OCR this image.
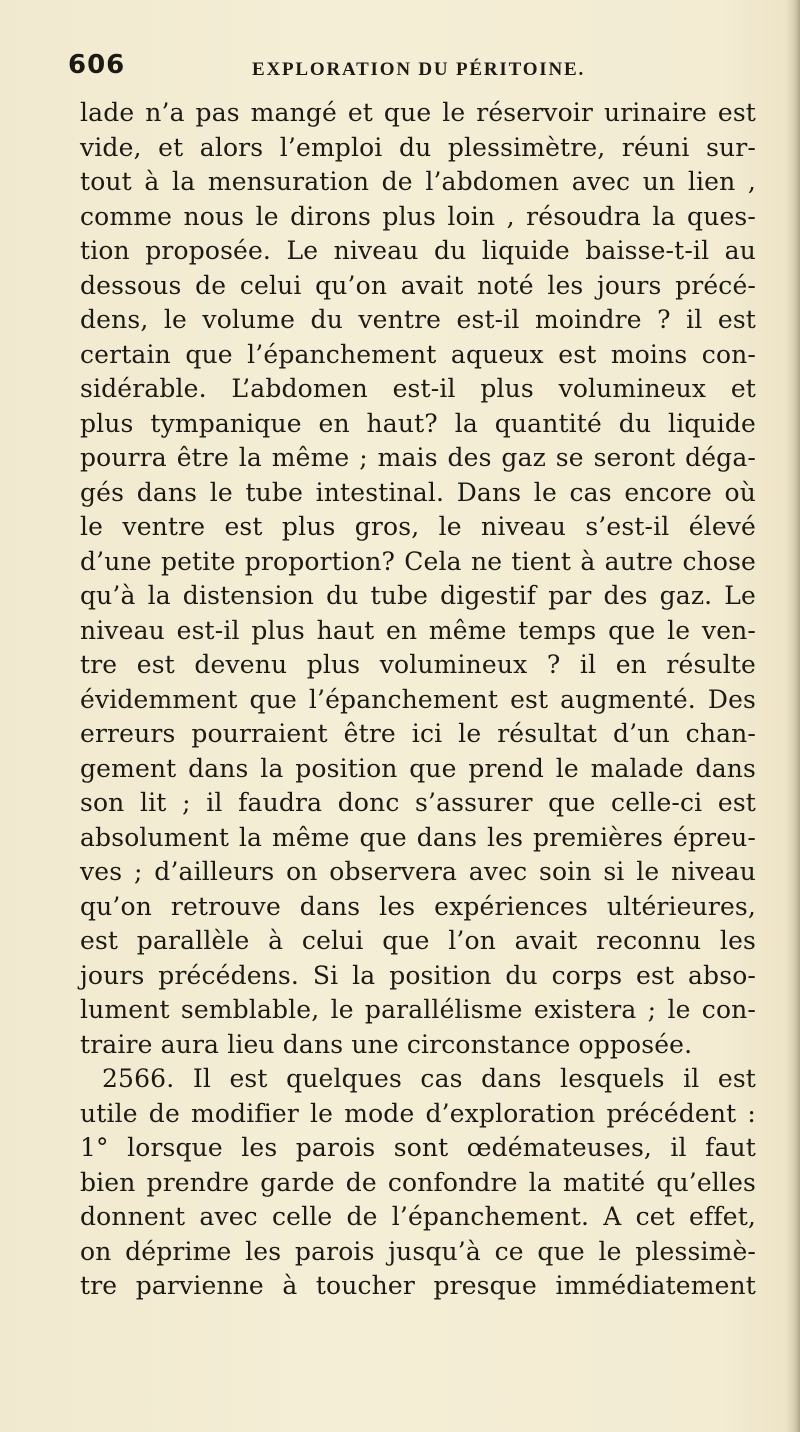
606	EXPLORATION DU PÉRITOINE.
lade n’a pas mangé et que le réservoir urinaire est
vide, et alors l’emploi du plessimètre, réuni sur-
tout à la mensuration de l’abdomen avec un lien ,
comme nous le dirons plus loin , résoudra la ques-
tion proposée. Le niveau du liquide baisse-t-il au
dessous de celui qu’on avait noté les jours précé-
dens, le volume du ventre est-il moindre ? il est
certain que l’épanchement aqueux est moins con-
sidérable. L’abdomen est-il plus volumineux et
plus tympanique en haut? la quantité du liquide
pourra être la même ; mais des gaz se seront déga-
gés dans le tube intestinal. Dans le cas encore où
le ventre est plus gros, le niveau s’est-il élevé
d’une petite proportion? Cela ne tient à autre chose
qu’à la distension du tube digestif par des gaz. Le
niveau est-il plus haut en même temps que le ven-
tre est devenu plus volumineux ? il en résulte
évidemment que l’épanchement est augmenté. Des
erreurs pourraient être ici le résultat d’un chan-
gement dans la position que prend le malade dans
son lit ; il faudra donc s’assurer que celle-ci est
absolument la même que dans les premières épreu-
ves ; d’ailleurs on observera avec soin si le niveau
qu’on retrouve dans les expériences ultérieures,
est parallèle à celui que l’on avait reconnu les
jours précédens. Si la position du corps est abso-
lument semblable, le parallélisme existera ; le con-
traire aura lieu dans une circonstance opposée.
2566. Il est quelques cas dans lesquels il est
utile de modifier le mode d’exploration précédent :
1° lorsque les parois sont œdémateuses, il faut
bien prendre garde de confondre la matité qu’elles
donnent avec celle de l’épanchement. A cet effet,
on déprime les parois jusqu’à ce que le plessimè-
tre parvienne à toucher presque immédiatement
